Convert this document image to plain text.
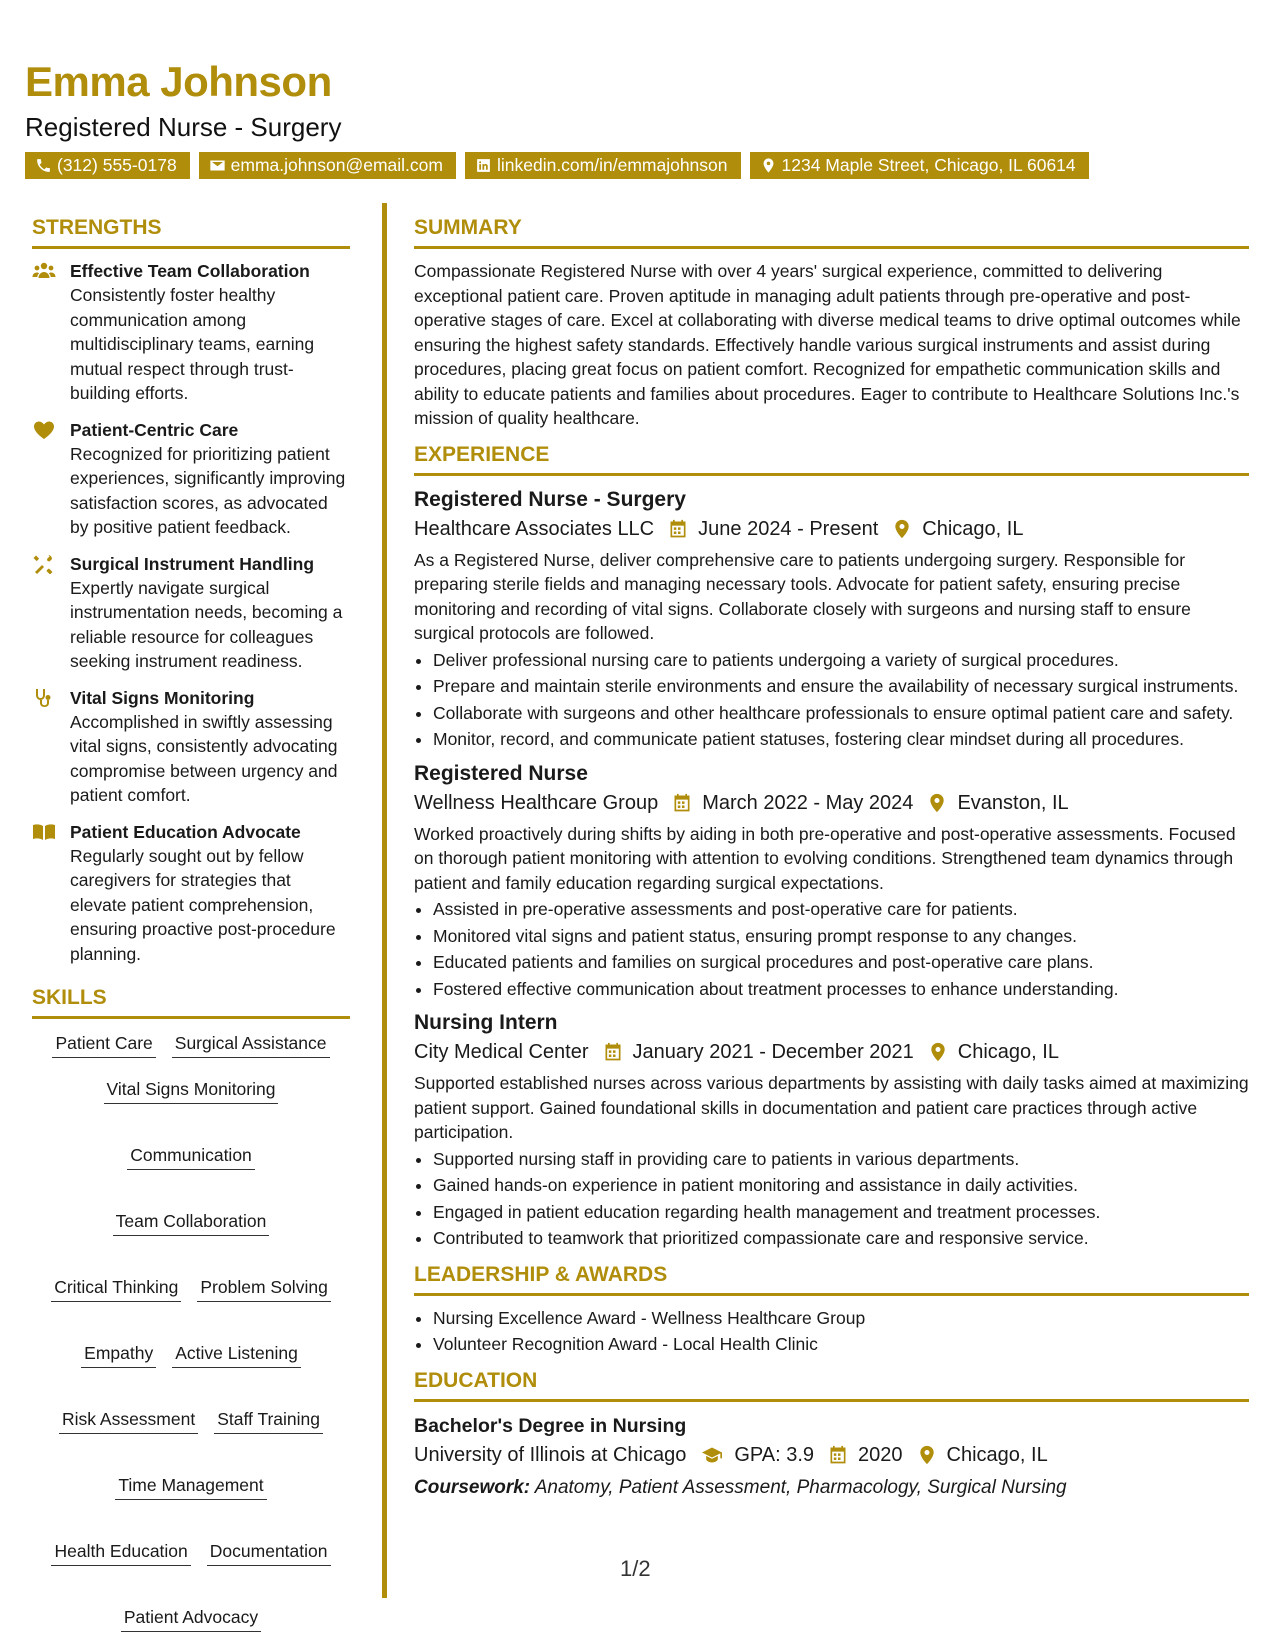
Emma Johnson
Registered Nurse - Surgery
(312) 555-0178	emma.johnson@email.com	linkedin.com/in/emmajohnson	1234 Maple Street, Chicago, IL 60614
STRENGTHS
Effective Team Collaboration
Consistently foster healthy communication among multidisciplinary teams, earning mutual respect through trust-building efforts.
Patient-Centric Care
Recognized for prioritizing patient experiences, significantly improving satisfaction scores, as advocated by positive patient feedback.
Surgical Instrument Handling
Expertly navigate surgical instrumentation needs, becoming a reliable resource for colleagues seeking instrument readiness.
Vital Signs Monitoring
Accomplished in swiftly assessing vital signs, consistently advocating compromise between urgency and patient comfort.
Patient Education Advocate
Regularly sought out by fellow caregivers for strategies that elevate patient comprehension, ensuring proactive post-procedure planning.
SKILLS
Patient Care Surgical Assistance
Vital Signs Monitoring
Communication
Team Collaboration
Critical Thinking Problem Solving
Empathy Active Listening
Risk Assessment Staff Training
Time Management
Health Education Documentation
Patient Advocacy
SUMMARY

Compassionate Registered Nurse with over 4 years' surgical experience, committed to delivering exceptional patient care. Proven aptitude in managing adult patients through pre-operative and post-operative stages of care. Excel at collaborating with diverse medical teams to drive optimal outcomes while ensuring the highest safety standards. Effectively handle various surgical instruments and assist during procedures, placing great focus on patient comfort. Recognized for empathetic communication skills and ability to educate patients and families about procedures. Eager to contribute to Healthcare Solutions Inc.'s mission of quality healthcare.

EXPERIENCE
Registered Nurse - Surgery
Healthcare Associates LLC June 2024 - Present Chicago, IL

As a Registered Nurse, deliver comprehensive care to patients undergoing surgery. Responsible for preparing sterile fields and managing necessary tools. Advocate for patient safety, ensuring precise monitoring and recording of vital signs. Collaborate closely with surgeons and nursing staff to ensure surgical protocols are followed.

• Deliver professional nursing care to patients undergoing a variety of surgical procedures.
• Prepare and maintain sterile environments and ensure the availability of necessary surgical instruments.
• Collaborate with surgeons and other healthcare professionals to ensure optimal patient care and safety.
• Monitor, record, and communicate patient statuses, fostering clear mindset during all procedures.
Registered Nurse
Wellness Healthcare Group March 2022 - May 2024 Evanston, IL

Worked proactively during shifts by aiding in both pre-operative and post-operative assessments. Focused on thorough patient monitoring with attention to evolving conditions. Strengthened team dynamics through patient and family education regarding surgical expectations.

• Assisted in pre-operative assessments and post-operative care for patients.
• Monitored vital signs and patient status, ensuring prompt response to any changes.
• Educated patients and families on surgical procedures and post-operative care plans.
• Fostered effective communication about treatment processes to enhance understanding.
Nursing Intern
City Medical Center January 2021 - December 2021 Chicago, IL

Supported established nurses across various departments by assisting with daily tasks aimed at maximizing patient support. Gained foundational skills in documentation and patient care practices through active participation.

• Supported nursing staff in providing care to patients in various departments.
• Gained hands-on experience in patient monitoring and assistance in daily activities.
• Engaged in patient education regarding health management and treatment processes.
• Contributed to teamwork that prioritized compassionate care and responsive service.
LEADERSHIP & AWARDS
• Nursing Excellence Award - Wellness Healthcare Group
• Volunteer Recognition Award - Local Health Clinic
EDUCATION
Bachelor's Degree in Nursing
University of Illinois at Chicago GPA: 3.9 2020 Chicago, IL
Coursework: Anatomy, Patient Assessment, Pharmacology, Surgical Nursing
1/2
